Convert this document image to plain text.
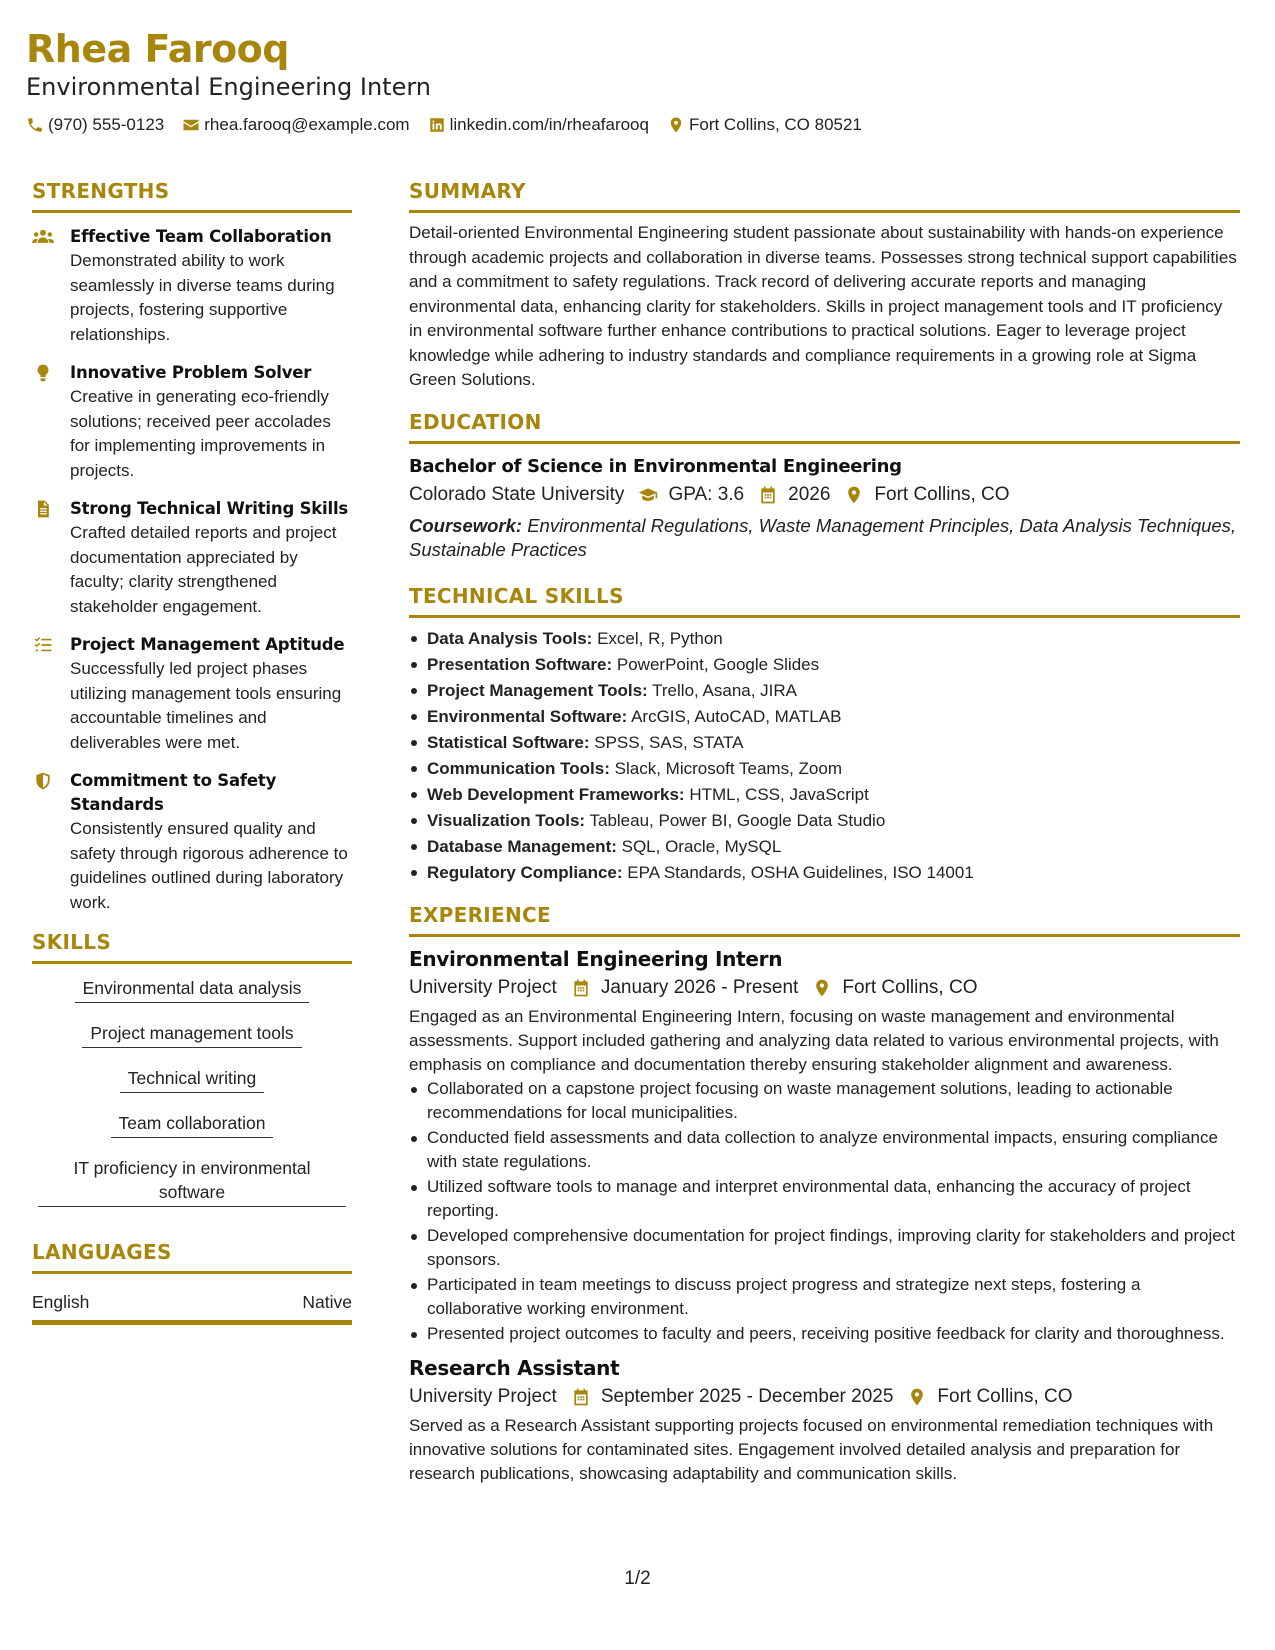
Rhea Farooq
Environmental Engineering Intern
(970) 555-0123 rhea.farooq@example.com linkedin.com/in/rheafarooq Fort Collins, CO 80521
STRENGTHS
Effective Team Collaboration
Demonstrated ability to work seamlessly in diverse teams during projects, fostering supportive relationships.
Innovative Problem Solver
Creative in generating eco-friendly solutions; received peer accolades for implementing improvements in projects.
Strong Technical Writing Skills
Crafted detailed reports and project documentation appreciated by faculty; clarity strengthened stakeholder engagement.
Project Management Aptitude
Successfully led project phases utilizing management tools ensuring accountable timelines and deliverables were met.
Commitment to Safety Standards
Consistently ensured quality and safety through rigorous adherence to guidelines outlined during laboratory work.
SKILLS
Environmental data analysis
Project management tools
Technical writing
Team collaboration
IT proficiency in environmental software
LANGUAGES
English	Native
SUMMARY
Detail-oriented Environmental Engineering student passionate about sustainability with hands-on experience through academic projects and collaboration in diverse teams. Possesses strong technical support capabilities and a commitment to safety regulations. Track record of delivering accurate reports and managing environmental data, enhancing clarity for stakeholders. Skills in project management tools and IT proficiency in environmental software further enhance contributions to practical solutions. Eager to leverage project knowledge while adhering to industry standards and compliance requirements in a growing role at Sigma Green Solutions.
EDUCATION
Bachelor of Science in Environmental Engineering
Colorado State University GPA: 3.6 2026 Fort Collins, CO
Coursework: Environmental Regulations, Waste Management Principles, Data Analysis Techniques, Sustainable Practices
TECHNICAL SKILLS
Data Analysis Tools: Excel, R, Python
Presentation Software: PowerPoint, Google Slides
Project Management Tools: Trello, Asana, JIRA
Environmental Software: ArcGIS, AutoCAD, MATLAB
Statistical Software: SPSS, SAS, STATA
Communication Tools: Slack, Microsoft Teams, Zoom
Web Development Frameworks: HTML, CSS, JavaScript
Visualization Tools: Tableau, Power BI, Google Data Studio
Database Management: SQL, Oracle, MySQL
Regulatory Compliance: EPA Standards, OSHA Guidelines, ISO 14001
EXPERIENCE
Environmental Engineering Intern
University Project January 2026 - Present Fort Collins, CO
Engaged as an Environmental Engineering Intern, focusing on waste management and environmental assessments. Support included gathering and analyzing data related to various environmental projects, with emphasis on compliance and documentation thereby ensuring stakeholder alignment and awareness.
Collaborated on a capstone project focusing on waste management solutions, leading to actionable recommendations for local municipalities.
Conducted field assessments and data collection to analyze environmental impacts, ensuring compliance with state regulations.
Utilized software tools to manage and interpret environmental data, enhancing the accuracy of project reporting.
Developed comprehensive documentation for project findings, improving clarity for stakeholders and project sponsors.
Participated in team meetings to discuss project progress and strategize next steps, fostering a collaborative working environment.
Presented project outcomes to faculty and peers, receiving positive feedback for clarity and thoroughness.
Research Assistant
University Project September 2025 - December 2025 Fort Collins, CO
Served as a Research Assistant supporting projects focused on environmental remediation techniques with innovative solutions for contaminated sites. Engagement involved detailed analysis and preparation for research publications, showcasing adaptability and communication skills.
1/2
